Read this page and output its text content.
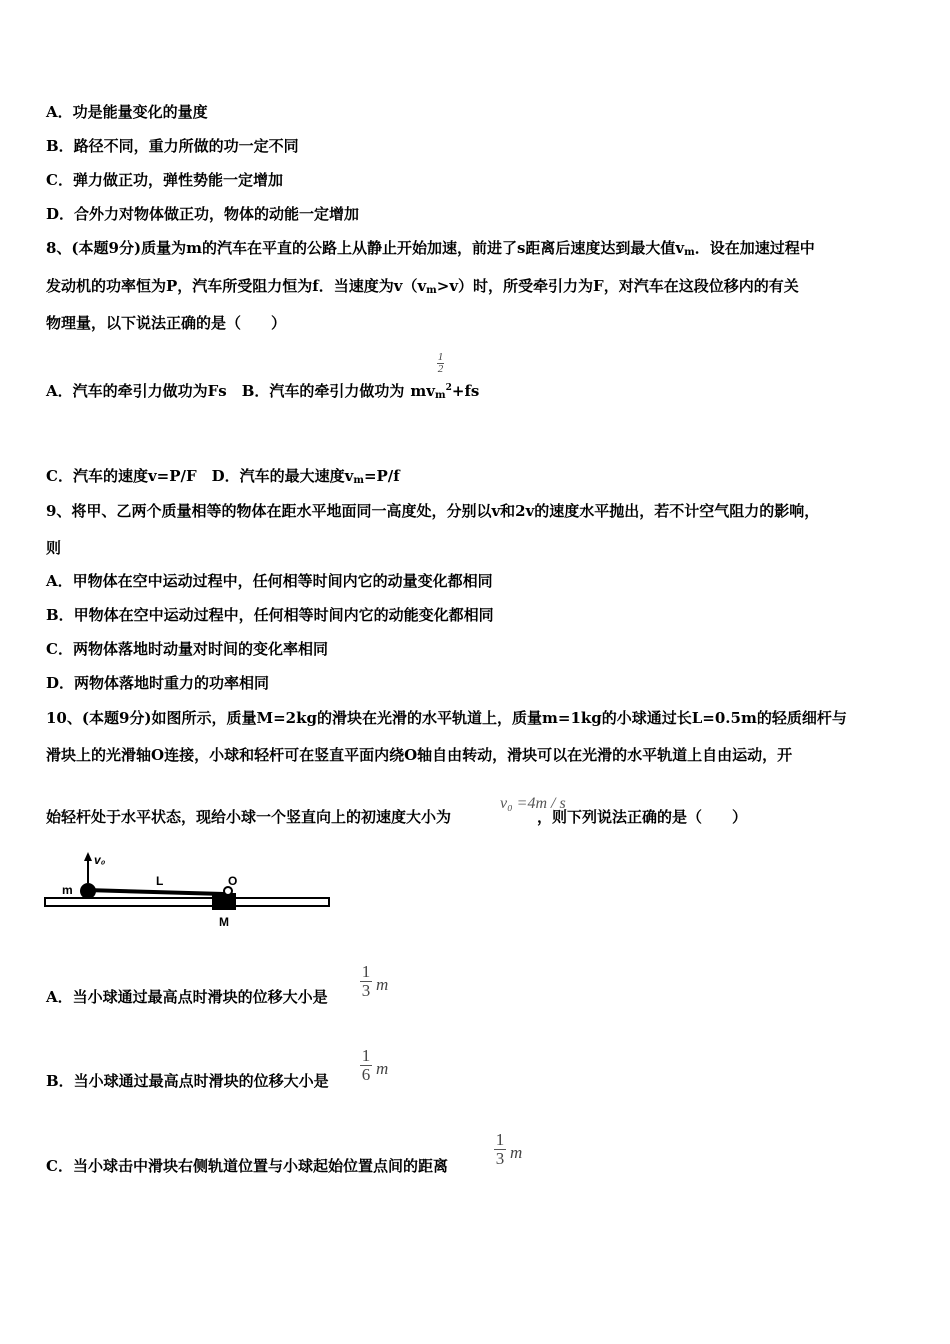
A．功是能量变化的量度
B．路径不同，重力所做的功一定不同
C．弹力做正功，弹性势能一定增加
D．合外力对物体做正功，物体的动能一定增加
8、(本题9分)质量为m的汽车在平直的公路上从静止开始加速，前进了s距离后速度达到最大值$v_m$．设在加速过程中
发动机的功率恒为P，汽车所受阻力恒为f．当速度为$v(v_m>v)$时，所受牵引力为F，对汽车在这段位移内的有关
物理量，以下说法正确的是（　　）
A．汽车的牵引力做功为Fs　B．汽车的牵引力做功为 $mv_m^2+fs$
1
2
C．汽车的速度v=P/F　D．汽车的最大速度$v_m=P/f$
9、将甲、乙两个质量相等的物体在距水平地面同一高度处，分别以v和2v的速度水平抛出，若不计空气阻力的影响，
则
A．甲物体在空中运动过程中，任何相等时间内它的动量变化都相同
B．甲物体在空中运动过程中，任何相等时间内它的动能变化都相同
C．两物体落地时动量对时间的变化率相同
D．两物体落地时重力的功率相同
10、(本题9分)如图所示，质量M=2kg的滑块在光滑的水平轨道上，质量m=1kg的小球通过长L=0.5m的轻质细杆与
滑块上的光滑轴O连接，小球和轻杆可在竖直平面内绕O轴自由转动，滑块可以在光滑的水平轨道上自由运动，开
始轻杆处于水平状态，现给小球一个竖直向上的初速度大小为	，则下列说法正确的是（　　）
v₀ =4m / s
v₀
m
L	O
M
A．当小球通过最高点时滑块的位移大小是
1
3 m
B．当小球通过最高点时滑块的位移大小是
1
6 m
C．当小球击中滑块右侧轨道位置与小球起始位置点间的距离
1
3 m
